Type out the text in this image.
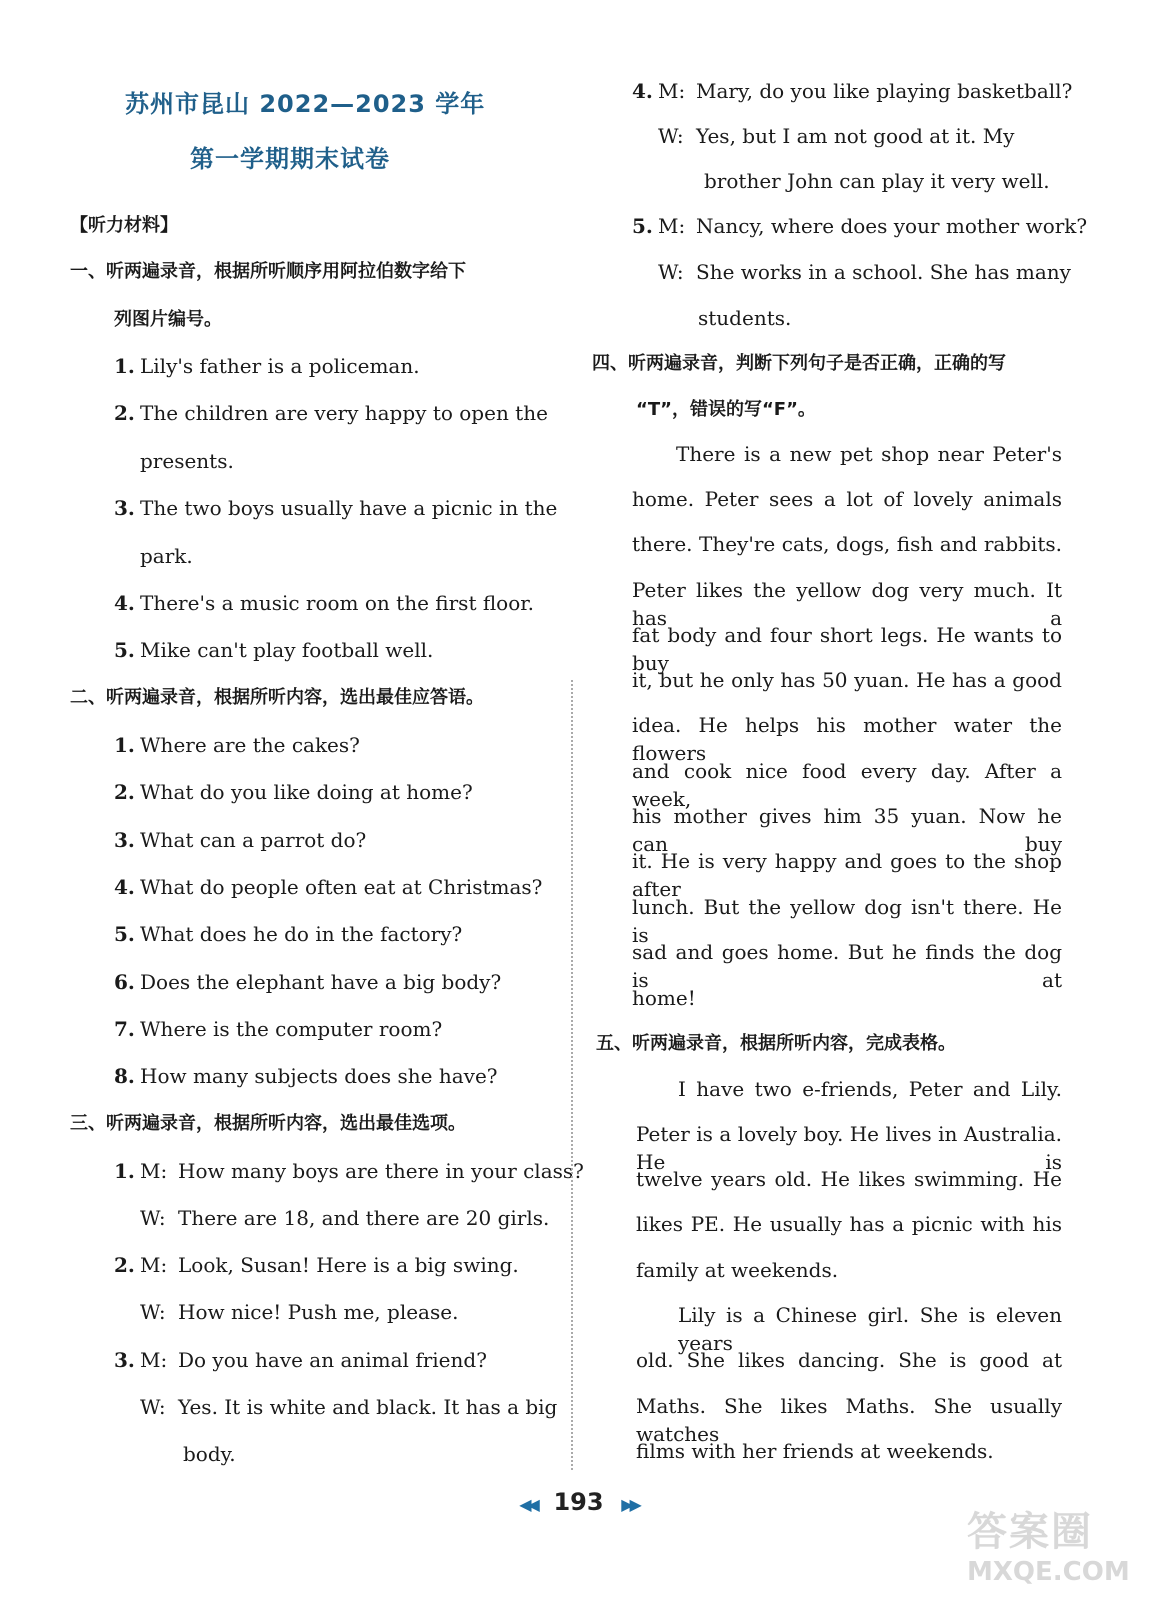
苏州市昆山 2022—2023 学年
第一学期期末试卷
【听力材料】
一、听两遍录音，根据所听顺序用阿拉伯数字给下
列图片编号。
1. Lily's father is a policeman.
2. The children are very happy to open the
presents.
3. The two boys usually have a picnic in the
park.
4. There's a music room on the first floor.
5. Mike can't play football well.
二、听两遍录音，根据所听内容，选出最佳应答语。
1. Where are the cakes?
2. What do you like doing at home?
3. What can a parrot do?
4. What do people often eat at Christmas?
5. What does he do in the factory?
6. Does the elephant have a big body?
7. Where is the computer room?
8. How many subjects does she have?
三、听两遍录音，根据所听内容，选出最佳选项。
1. M: How many boys are there in your class?
W: There are 18, and there are 20 girls.
2. M: Look, Susan! Here is a big swing.
W: How nice! Push me, please.
3. M: Do you have an animal friend?
W: Yes. It is white and black. It has a big
body.
4. M: Mary, do you like playing basketball?
W: Yes, but I am not good at it. My
brother John can play it very well.
5. M: Nancy, where does your mother work?
W: She works in a school. She has many
students.
四、听两遍录音，判断下列句子是否正确，正确的写
“T”，错误的写“F”。
There is a new pet shop near Peter's
home. Peter sees a lot of lovely animals
there. They're cats, dogs, fish and rabbits.
Peter likes the yellow dog very much. It has a
fat body and four short legs. He wants to buy
it, but he only has 50 yuan. He has a good
idea. He helps his mother water the flowers
and cook nice food every day. After a week,
his mother gives him 35 yuan. Now he can buy
it. He is very happy and goes to the shop after
lunch. But the yellow dog isn't there. He is
sad and goes home. But he finds the dog is at
home!
五、听两遍录音，根据所听内容，完成表格。
I have two e-friends, Peter and Lily.
Peter is a lovely boy. He lives in Australia. He is
twelve years old. He likes swimming. He
likes PE. He usually has a picnic with his
family at weekends.
Lily is a Chinese girl. She is eleven years
old. She likes dancing. She is good at
Maths. She likes Maths. She usually watches
films with her friends at weekends.
◀◀ 193 ▶▶
答案圈
MXQE.COM
